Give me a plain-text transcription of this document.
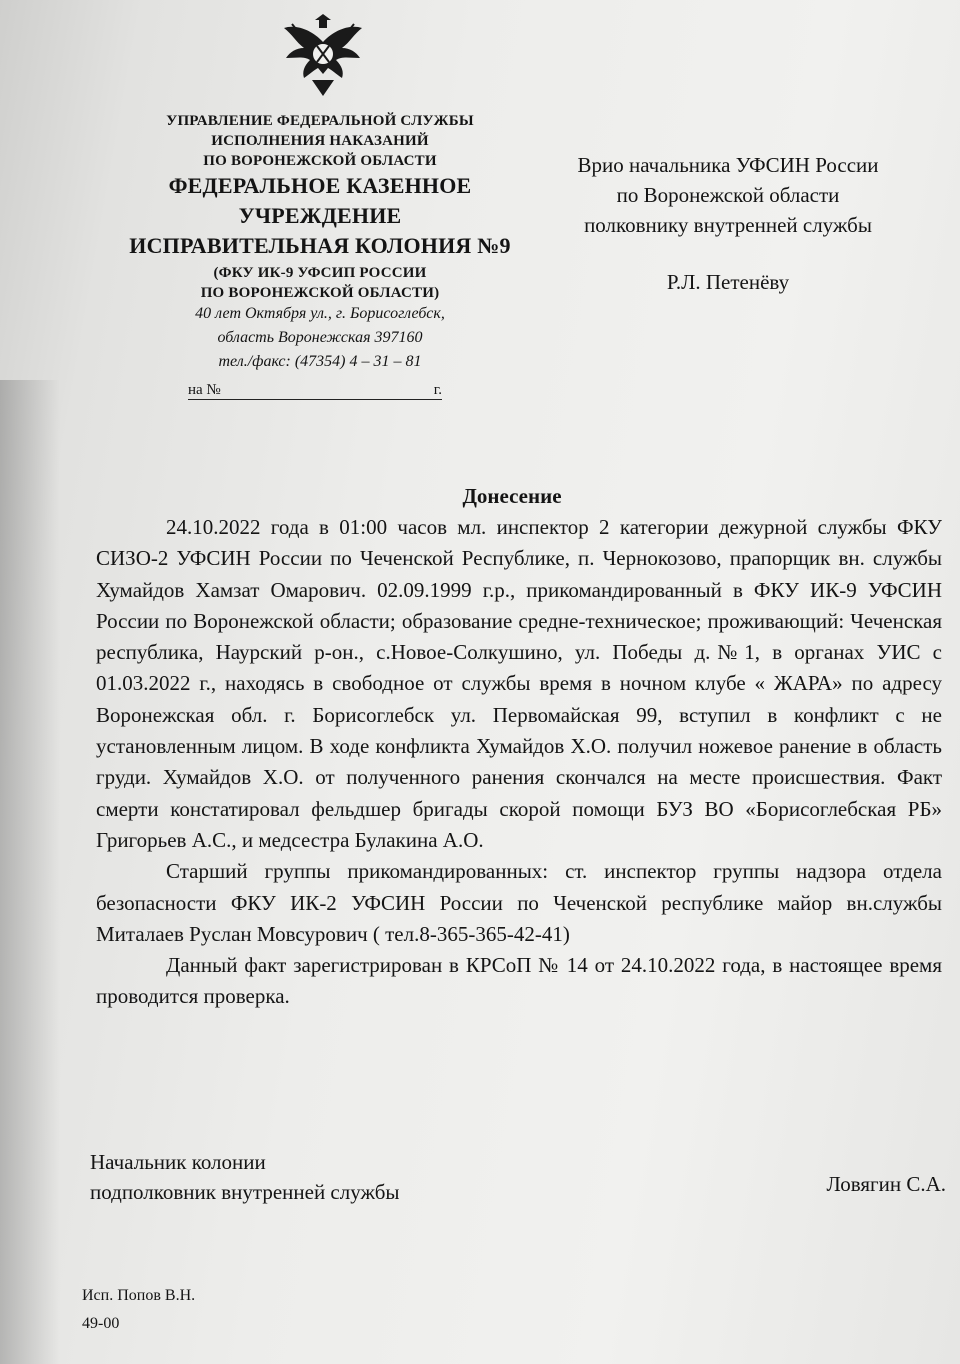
УПРАВЛЕНИЕ ФЕДЕРАЛЬНОЙ СЛУЖБЫ
ИСПОЛНЕНИЯ НАКАЗАНИЙ
ПО ВОРОНЕЖСКОЙ ОБЛАСТИ
ФЕДЕРАЛЬНОЕ КАЗЕННОЕ
УЧРЕЖДЕНИЕ
ИСПРАВИТЕЛЬНАЯ КОЛОНИЯ №9
(ФКУ ИК-9 УФСИП РОССИИ
ПО ВОРОНЕЖСКОЙ ОБЛАСТИ)
40 лет Октября ул., г. Борисоглебск,
область Воронежская 397160
тел./факс: (47354) 4 – 31 – 81
на №	г.
Врио начальника УФСИН России
по Воронежской области
полковнику внутренней службы
Р.Л. Петенёву
Донесение

24.10.2022 года в 01:00 часов мл. инспектор 2 категории дежурной службы ФКУ СИЗО-2 УФСИН России по Чеченской Республике, п. Чернокозово, прапорщик вн. службы Хумайдов Хамзат Омарович. 02.09.1999 г.р., прикомандированный в ФКУ ИК-9 УФСИН России по Воронежской области; образование средне-техническое; проживающий: Чеченская республика, Наурский р-он., с.Новое-Солкушино, ул. Победы д.№1, в органах УИС с 01.03.2022 г., находясь в свободное от службы время в ночном клубе « ЖАРА» по адресу Воронежская обл. г. Борисоглебск ул. Первомайская 99, вступил в конфликт с не установленным лицом. В ходе конфликта Хумайдов Х.О. получил ножевое ранение в область груди. Хумайдов Х.О. от полученного ранения скончался на месте происшествия. Факт смерти констатировал фельдшер бригады скорой помощи БУЗ ВО «Борисоглебская РБ» Григорьев А.С., и медсестра Булакина А.О.

Старший группы прикомандированных: ст. инспектор группы надзора отдела безопасности ФКУ ИК-2 УФСИН России по Чеченской республике майор вн.службы Миталаев Руслан Мовсурович ( тел.8-365-365-42-41)

Данный факт зарегистрирован в КРСоП № 14 от 24.10.2022 года, в настоящее время проводится проверка.

Начальник колонии
подполковник внутренней службы	Ловягин С.А.
Исп. Попов В.Н.
49-00
